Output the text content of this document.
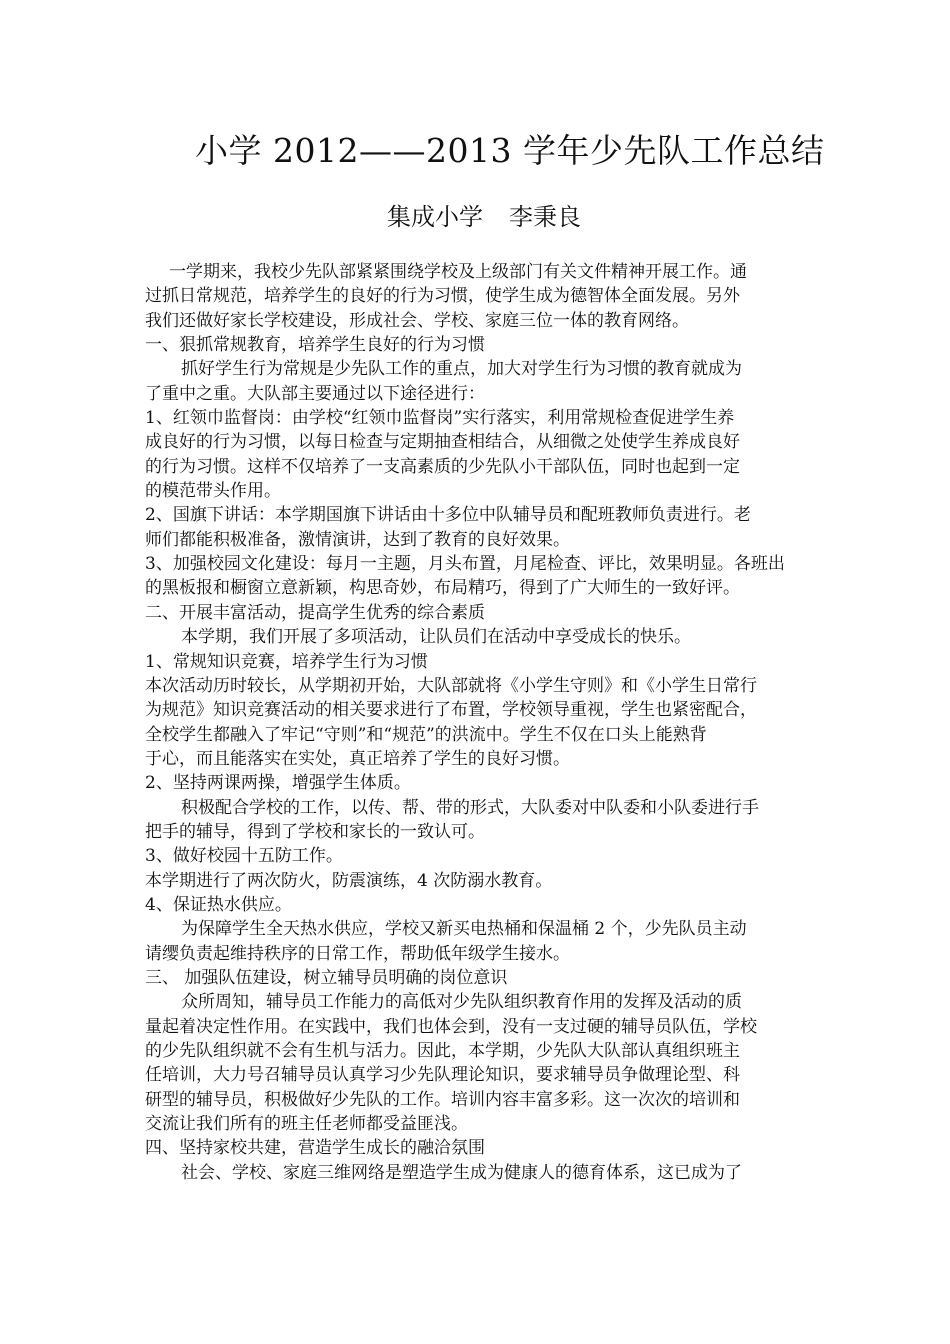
小学 2012——2013 学年少先队工作总结
集成小学 李秉良
一学期来，我校少先队部紧紧围绕学校及上级部门有关文件精神开展工作。通
过抓日常规范，培养学生的良好的行为习惯，使学生成为德智体全面发展。另外
我们还做好家长学校建设，形成社会、学校、家庭三位一体的教育网络。
一、狠抓常规教育，培养学生良好的行为习惯
抓好学生行为常规是少先队工作的重点，加大对学生行为习惯的教育就成为
了重中之重。大队部主要通过以下途径进行：
1、红领巾监督岗：由学校“红领巾监督岗”实行落实，利用常规检查促进学生养
成良好的行为习惯，以每日检查与定期抽查相结合，从细微之处使学生养成良好
的行为习惯。这样不仅培养了一支高素质的少先队小干部队伍，同时也起到一定
的模范带头作用。
2、国旗下讲话：本学期国旗下讲话由十多位中队辅导员和配班教师负责进行。老
师们都能积极准备，激情演讲，达到了教育的良好效果。
3、加强校园文化建设：每月一主题，月头布置，月尾检查、评比，效果明显。各班出
的黑板报和橱窗立意新颖，构思奇妙，布局精巧，得到了广大师生的一致好评。
二、开展丰富活动，提高学生优秀的综合素质
本学期，我们开展了多项活动，让队员们在活动中享受成长的快乐。
1、常规知识竞赛，培养学生行为习惯
本次活动历时较长，从学期初开始，大队部就将《小学生守则》和《小学生日常行
为规范》知识竞赛活动的相关要求进行了布置，学校领导重视，学生也紧密配合，
全校学生都融入了牢记“守则”和“规范”的洪流中。学生不仅在口头上能熟背
于心，而且能落实在实处，真正培养了学生的良好习惯。
2、坚持两课两操，增强学生体质。
积极配合学校的工作，以传、帮、带的形式，大队委对中队委和小队委进行手
把手的辅导，得到了学校和家长的一致认可。
3、做好校园十五防工作。
本学期进行了两次防火，防震演练，4 次防溺水教育。
4、保证热水供应。
为保障学生全天热水供应，学校又新买电热桶和保温桶 2 个，少先队员主动
请缨负责起维持秩序的日常工作，帮助低年级学生接水。
三、 加强队伍建设，树立辅导员明确的岗位意识
众所周知，辅导员工作能力的高低对少先队组织教育作用的发挥及活动的质
量起着决定性作用。在实践中，我们也体会到，没有一支过硬的辅导员队伍，学校
的少先队组织就不会有生机与活力。因此，本学期，少先队大队部认真组织班主
任培训，大力号召辅导员认真学习少先队理论知识，要求辅导员争做理论型、科
研型的辅导员，积极做好少先队的工作。培训内容丰富多彩。这一次次的培训和
交流让我们所有的班主任老师都受益匪浅。
四、坚持家校共建，营造学生成长的融洽氛围
社会、学校、家庭三维网络是塑造学生成为健康人的德育体系，这已成为了
